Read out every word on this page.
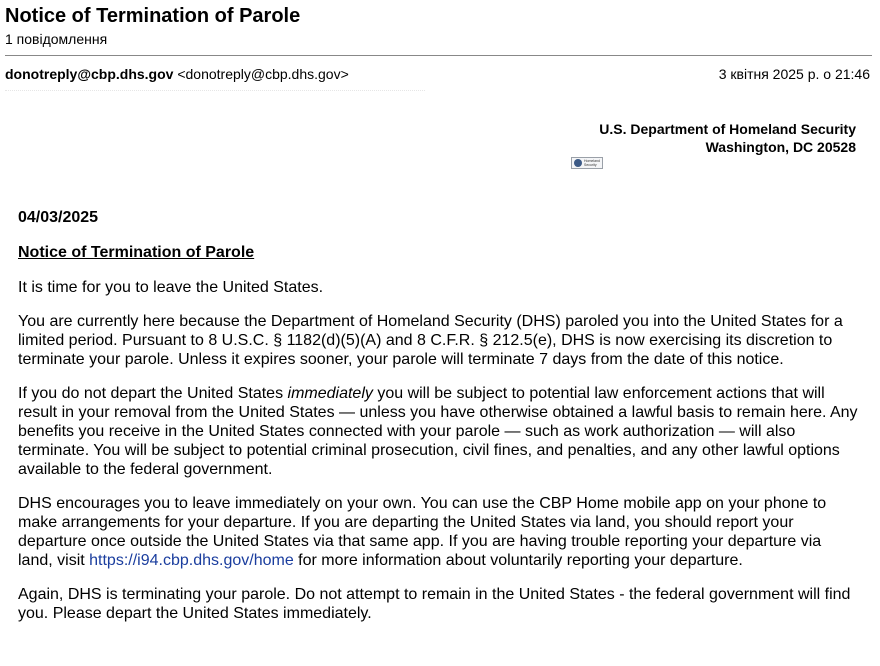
Notice of Termination of Parole
1 повідомлення
donotreply@cbp.dhs.gov <donotreply@cbp.dhs.gov>	3 квітня 2025 р. о 21:46
U.S. Department of Homeland Security
Washington, DC 20528
Homeland
Security

04/03/2025

Notice of Termination of Parole

It is time for you to leave the United States.

You are currently here because the Department of Homeland Security (DHS) paroled you into the United States for a limited period. Pursuant to 8 U.S.C. § 1182(d)(5)(A) and 8 C.F.R. § 212.5(e), DHS is now exercising its discretion to terminate your parole. Unless it expires sooner, your parole will terminate 7 days from the date of this notice.

If you do not depart the United States immediately you will be subject to potential law enforcement actions that will result in your removal from the United States — unless you have otherwise obtained a lawful basis to remain here. Any benefits you receive in the United States connected with your parole — such as work authorization — will also terminate. You will be subject to potential criminal prosecution, civil fines, and penalties, and any other lawful options available to the federal government.

DHS encourages you to leave immediately on your own. You can use the CBP Home mobile app on your phone to make arrangements for your departure. If you are departing the United States via land, you should report your departure once outside the United States via that same app. If you are having trouble reporting your departure via land, visit https://i94.cbp.dhs.gov/home for more information about voluntarily reporting your departure.

Again, DHS is terminating your parole. Do not attempt to remain in the United States - the federal government will find you. Please depart the United States immediately.
